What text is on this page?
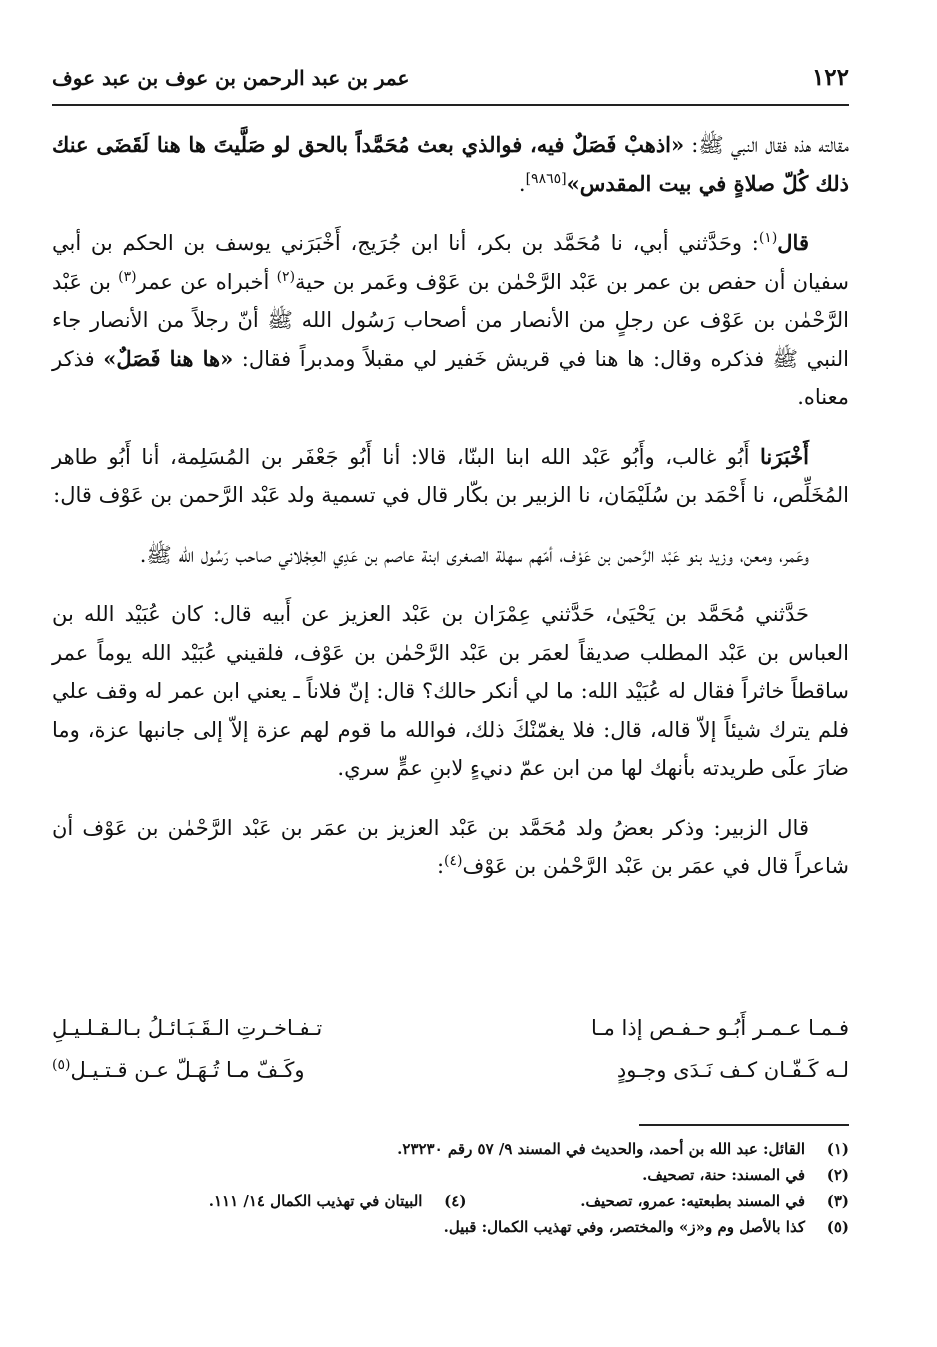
١٢٢
عمر بن عبد الرحمن بن عوف بن عبد عوف

مقالته هذه فقال النبي ﷺ: «اذهبْ فَصَلٌ فيه، فوالذي بعث مُحَمَّداً بالحق لو صَلَّيتَ ها هنا لَقَضَى عنك ذلك كُلّ صلاةٍ في بيت المقدس»[٩٨٦٥].

قال$^{(١)}$: وحَدَّثني أبي، نا مُحَمَّد بن بكر، أنا ابن جُرَيج، أَخْبَرَني يوسف بن الحكم بن أبي سفيان أن حفص بن عمر بن عَبْد الرَّحْمٰن بن عَوْف وعَمر بن حية$^{(٢)}$ أخبراه عن عمر$^{(٣)}$ بن عَبْد الرَّحْمٰن بن عَوْف عن رجلٍ من الأنصار من أصحاب رَسُول الله ﷺ أنّ رجلاً من الأنصار جاء النبي ﷺ فذكره وقال: ها هنا في قريش خَفير لي مقبلاً ومدبراً فقال: «ها هنا فَصَلٌ» فذكر معناه.

أَخْبَرَنا أَبُو غالب، وأَبُو عَبْد الله ابنا البنّا، قالا: أنا أَبُو جَعْفَر بن المُسَلِمة، أنا أَبُو طاهر المُخَلِّص، نا أَحْمَد بن سُلَيْمَان، نا الزبير بن بكّار قال في تسمية ولد عَبْد الرَّحمن بن عَوْف قال:

وعَمر، ومعن، وزيد بنو عَبْد الرَّحمن بن عَوْف، أمّهم سهلة الصغرى ابنة عاصم بن عَدِي العِجْلاني صاحب رَسُول الله ﷺ.

حَدَّثني مُحَمَّد بن يَحْيَىٰ، حَدَّثني عِمْرَان بن عَبْد العزيز عن أَبيه قال: كان عُبَيْد الله بن العباس بن عَبْد المطلب صديقاً لعمَر بن عَبْد الرَّحْمٰن بن عَوْف، فلقيني عُبَيْد الله يوماً عمر ساقطاً خاثراً فقال له عُبَيْد الله: ما لي أنكر حالك؟ قال: إنّ فلاناً ـ يعني ابن عمر له وقف علي فلم يترك شيئاً إلاّ قاله، قال: فلا يغمّنْكَ ذلك، فوالله ما قوم لهم عزة إلاّ إلى جانبها عزة، وما ضارَ علَى طريدته بأنهك لها من ابن عمّ دنيءٍ لابنِ عمٍّ سري.

قال الزبير: وذكر بعضُ ولد مُحَمَّد بن عَبْد العزيز بن عمَر بن عَبْد الرَّحْمٰن بن عَوْف أن شاعراً قال في عمَر بن عَبْد الرَّحْمٰن بن عَوْف$^{(٤)}$:

فـمـا عـمـر أَبُـو حـفـص إذا مـا
تـفـاخـرتِ الـقَـبَـائـلُ بـالـقـلـيـلِ
لـه كَـفّـان كـف نَـدَى وجـودٍ
وكَـفّ مـا تُـهَـلّ عـن قـتـيـل$^{(٥)}$
(١)
القائل: عبد الله بن أحمد، والحديث في المسند ٩/ ٥٧ رقم ٢٣٢٣٠.
(٢)
في المسند: حنة، تصحيف.
(٣)
في المسند بطبعتيه: عمرو، تصحيف.
(٤)
البيتان في تهذيب الكمال ١٤/ ١١١.
(٥)
كذا بالأصل وم و«ز» والمختصر، وفي تهذيب الكمال: قبيل.
